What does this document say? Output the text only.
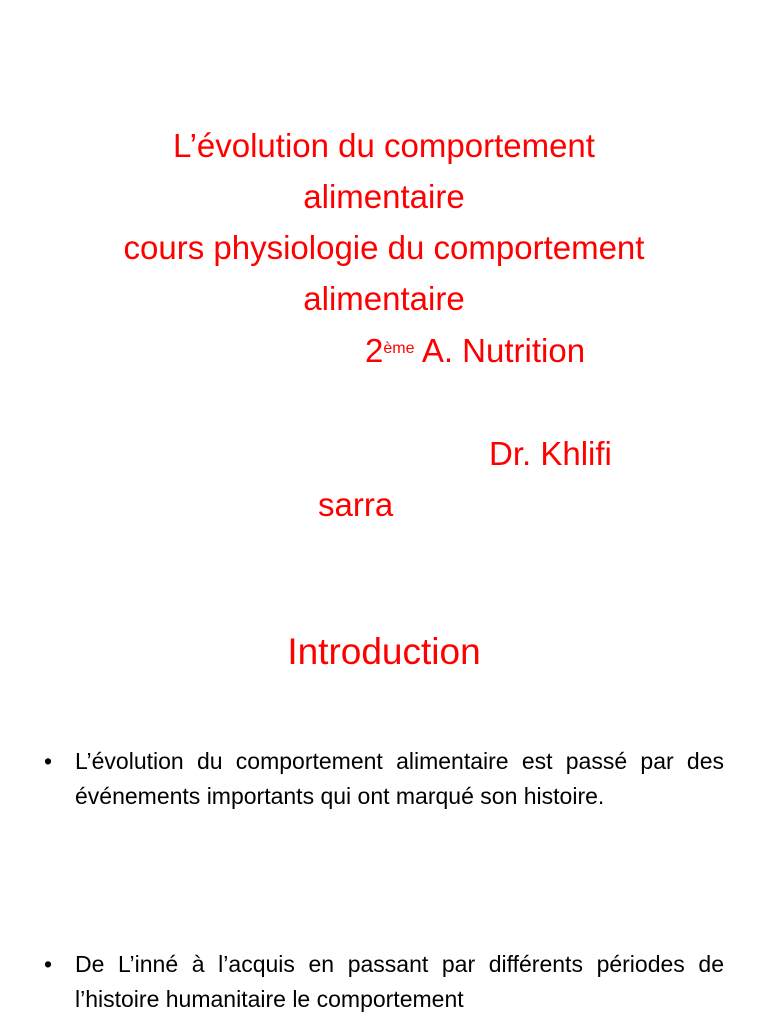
L’évolution du comportement
alimentaire
cours physiologie du comportement
alimentaire
2ème A. Nutrition
Dr. Khlifi
sarra
Introduction
• L’évolution du comportement alimentaire est passé par des événements importants qui ont marqué son histoire.
• De L’inné à l’acquis en passant par différents périodes de l’histoire humanitaire le comportement
